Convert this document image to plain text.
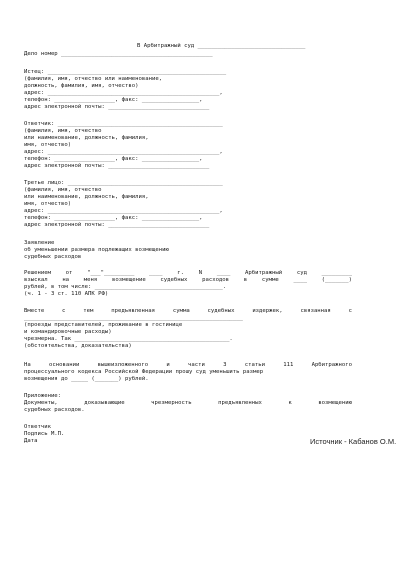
В Арбитражный суд ________________________________
Дело номер _____________________________________________
Истец: _____________________________________________________
(фамилия, имя, отчество или наименование,
должность, фамилия, имя, отчество)
адрес: ___________________________________________________,
телефон: __________________, факс: _________________,
адрес электронной почты: ______________________________
Ответчик: _________________________________________________
(фамилия, имя, отчество
или наименование, должность, фамилия,
имя, отчество)
адрес: ___________________________________________________,
телефон: __________________, факс: _________________,
адрес электронной почты: ______________________________
Третье лицо: ______________________________________________
(фамилия, имя, отчество
или наименование, должность, фамилия,
имя, отчество)
адрес: ___________________________________________________,
телефон: __________________, факс: _________________,
адрес электронной почты: ______________________________
Заявление
об уменьшении размера подлежащих возмещению
судебных расходов
Решением от "___"_________ ____ г. N ____ Арбитражный суд _________
взыскал на меня возмещение судебных расходов в сумме ____ (_______)
рублей, в том числе: ______________________________________.
(ч. 1 - 3 ст. 110 АПК РФ)
Вместе с тем предъявленная сумма судебных издержек, связанная с
_________________________________________________________________
(проезды представителей, проживание в гостинице
и командировочные расходы)
чрезмерна. Так ______________________________________________.
(обстоятельства, доказательства)
На основании вышеизложенного и части 3 статьи 111 Арбитражного
процессуального кодекса Российской Федерации прошу суд уменьшить размер
возмещения до _____ (_______) рублей.
Приложение:
Документы, доказывающие чрезмерность предъявленных к возмещению
судебных расходов.
Ответчик
Подпись М.П.
Дата	Источник - Кабанов О.М.
